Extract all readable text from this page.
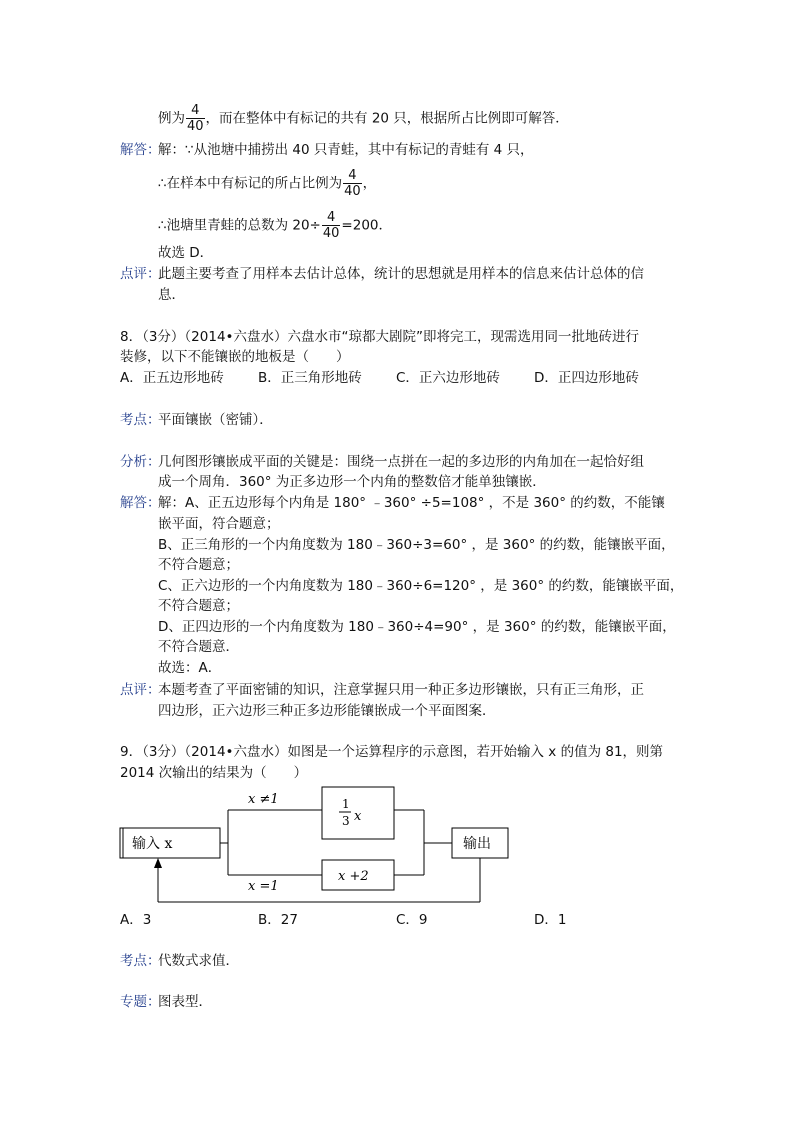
例为 $\frac{4}{40}$ ，而在整体中有标记的共有 20 只，根据所占比例即可解答．
解答：
解：∵从池塘中捕捞出 40 只青蛙，其中有标记的青蛙有 4 只，
∴在样本中有标记的所占比例为 $\frac{4}{40}$ ，
∴池塘里青蛙的总数为 $20\div \frac{4}{40} =200$．
故选 D．
点评：
此题主要考查了用样本去估计总体，统计的思想就是用样本的信息来估计总体的信
息．
8．（3分）（2014•六盘水）六盘水市“琼都大剧院”即将完工，现需选用同一批地砖进行
装修，以下不能镶嵌的地板是（　　）
A．正五边形地砖	B．正三角形地砖	C．正六边形地砖	D．正四边形地砖
考点：
平面镶嵌（密铺）．
分析：
几何图形镶嵌成平面的关键是：围绕一点拼在一起的多边形的内角加在一起恰好组
成一个周角．360° 为正多边形一个内角的整数倍才能单独镶嵌．
解答：
解：A、正五边形每个内角是 180° ﹣360° ÷5=108° ，不是 360° 的约数，不能镶
嵌平面，符合题意；
B、正三角形的一个内角度数为 180﹣360÷3=60° ，是 360° 的约数，能镶嵌平面，
不符合题意；
C、正六边形的一个内角度数为 180﹣360÷6=120° ，是 360° 的约数，能镶嵌平面，
不符合题意；
D、正四边形的一个内角度数为 180﹣360÷4=90° ，是 360° 的约数，能镶嵌平面，
不符合题意．
故选：A．
点评：
本题考查了平面密铺的知识，注意掌握只用一种正多边形镶嵌，只有正三角形，正
四边形，正六边形三种正多边形能镶嵌成一个平面图案．
9．（3分）（2014•六盘水）如图是一个运算程序的示意图，若开始输入 x 的值为 81，则第
2014 次输出的结果为（　　）
输入 x
x ≠1	1
3 x
x =1
x +2
输出
A．3	B．27	C．9	D．1
考点：
代数式求值．
专题：
图表型．
